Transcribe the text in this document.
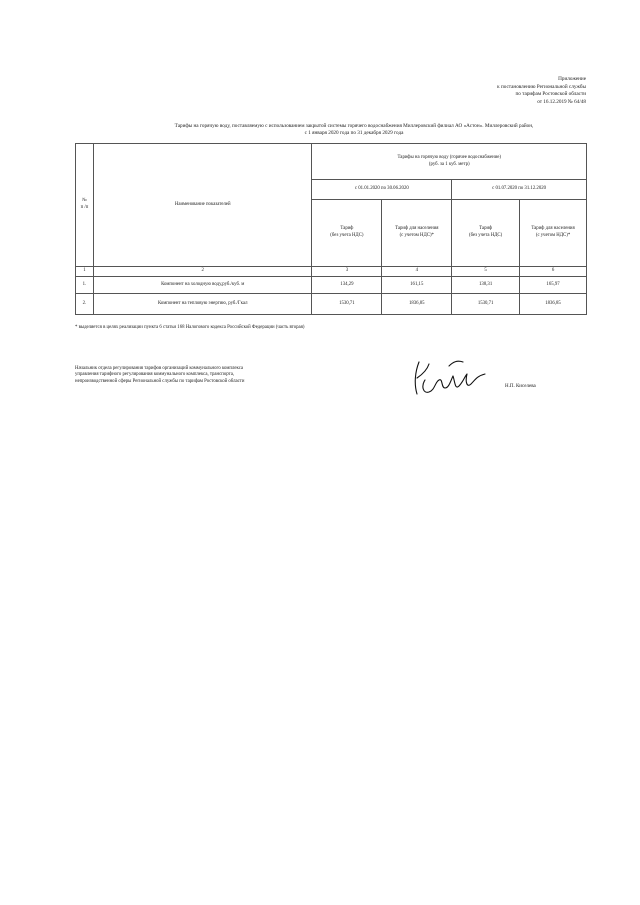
Приложение
к постановлению Региональной службы
по тарифам Ростовской области
от 16.12.2019 № 64/48
Тарифы на горячую воду, поставляемую с использованием закрытой системы горячего водоснабжения Миллеровский филиал АО «Астон». Миллеровский район,
с 1 января 2020 года по 31 декабря 2029 года
№
п /п	Наименование показателей	Тарифы на горячую воду (горячее водоснабжение)
(руб. за 1 куб. метр)			
		с 01.01.2020 по 30.06.2020		с 01.07.2020 по 31.12.2020	
		Тариф
(без учета НДС)	Тариф для населения
(с учетом НДС)*	Тариф
(без учета НДС)	Тариф для населения
(с учетом НДС)*
1	2	3	4	5	6
1.	Компонент на холодную воду,руб./куб. м	134,29	161,15	138,31	165,97
2.	Компонент на тепловую энергию, руб./Гкал	1530,71	1836,85	1530,71	1836,85
* выделяется в целях реализации пункта 6 статьи 168 Налогового кодекса Российской Федерации (часть вторая)
Начальник отдела регулирования тарифов организаций коммунального комплекса
управления тарифного регулирования коммунального комплекса, транспорта,
непроизводственной сферы Региональной службы по тарифам Ростовской области
Н.П. Киселева
